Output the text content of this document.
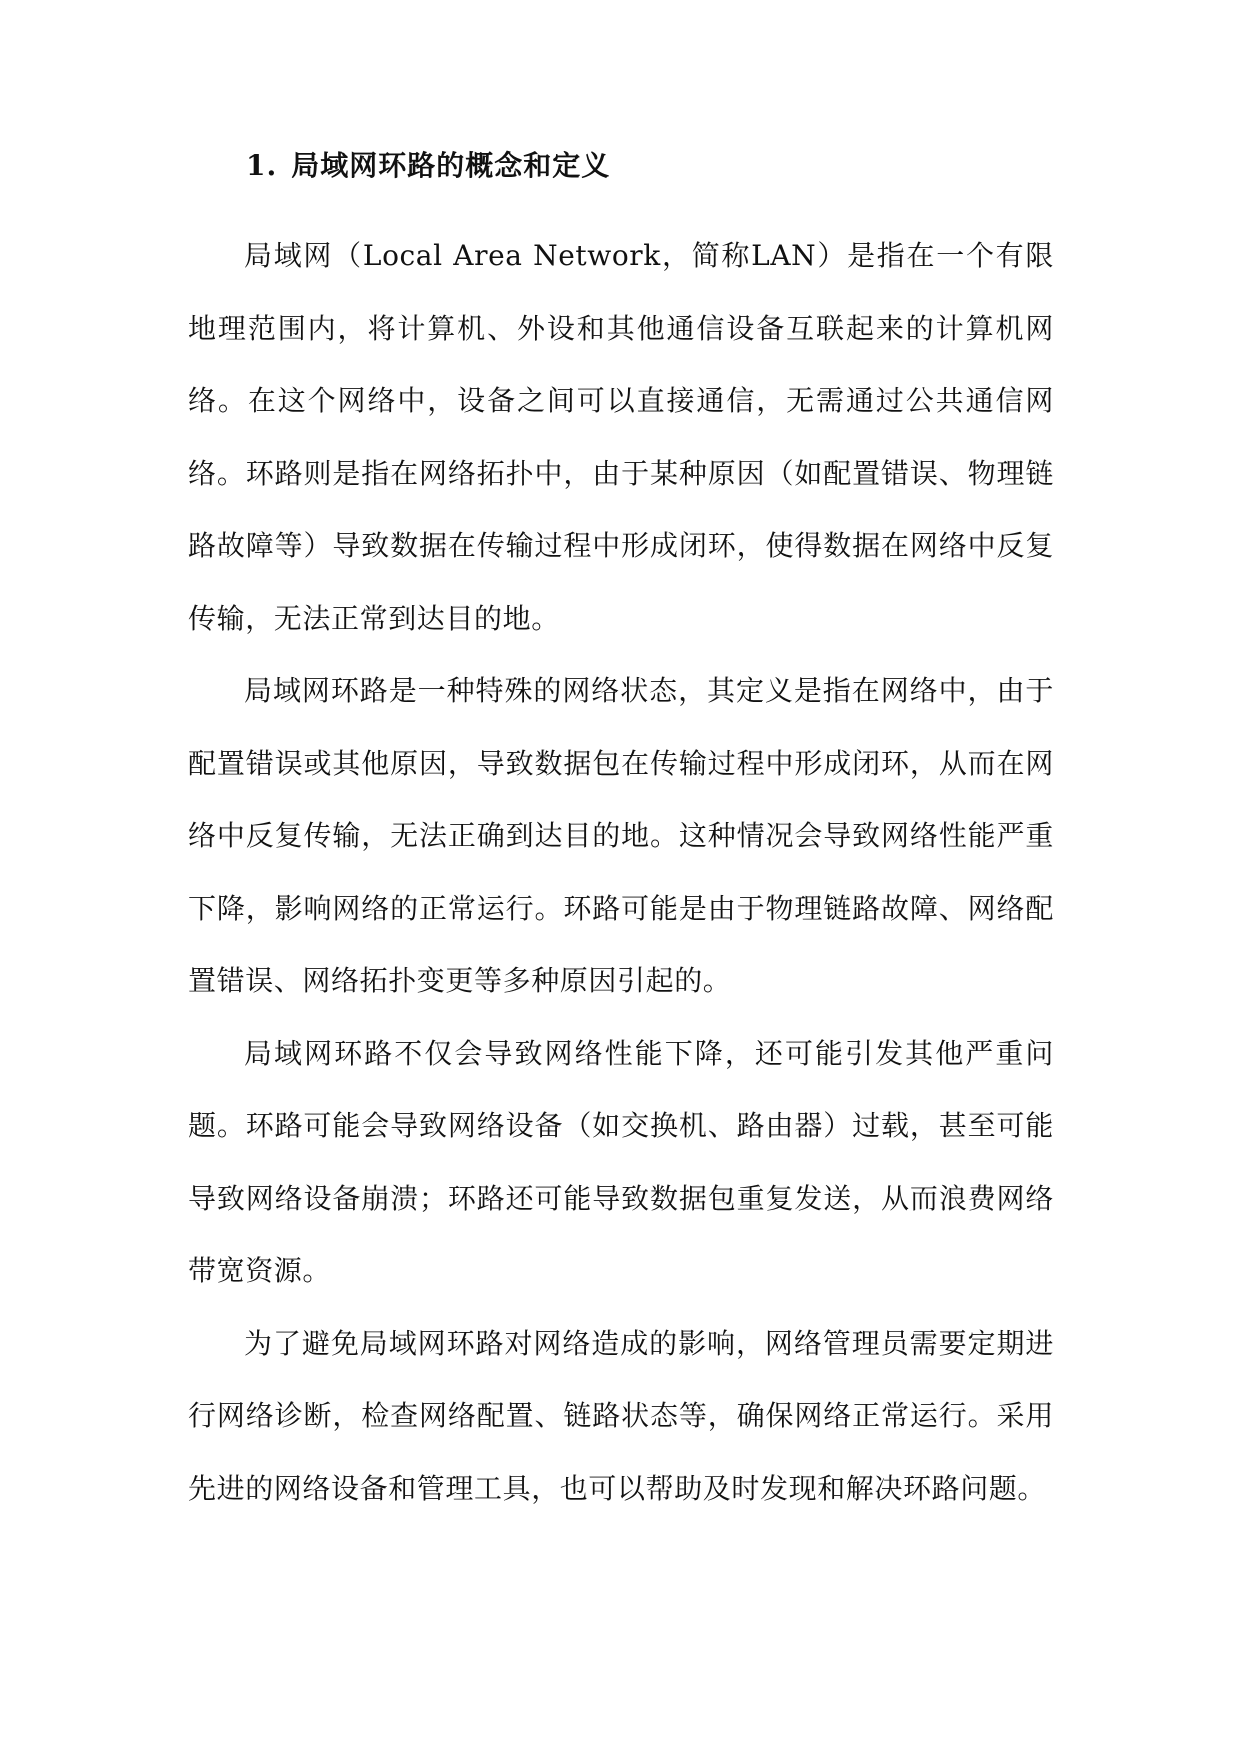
1. 局域网环路的概念和定义

局域网（Local Area Network，简称LAN）是指在一个有限地理范围内，将计算机、外设和其他通信设备互联起来的计算机网络。在这个网络中，设备之间可以直接通信，无需通过公共通信网络。环路则是指在网络拓扑中，由于某种原因（如配置错误、物理链路故障等）导致数据在传输过程中形成闭环，使得数据在网络中反复传输，无法正常到达目的地。

局域网环路是一种特殊的网络状态，其定义是指在网络中，由于配置错误或其他原因，导致数据包在传输过程中形成闭环，从而在网络中反复传输，无法正确到达目的地。这种情况会导致网络性能严重下降，影响网络的正常运行。环路可能是由于物理链路故障、网络配置错误、网络拓扑变更等多种原因引起的。

局域网环路不仅会导致网络性能下降，还可能引发其他严重问题。环路可能会导致网络设备（如交换机、路由器）过载，甚至可能导致网络设备崩溃；环路还可能导致数据包重复发送，从而浪费网络带宽资源。

为了避免局域网环路对网络造成的影响，网络管理员需要定期进行网络诊断，检查网络配置、链路状态等，确保网络正常运行。采用先进的网络设备和管理工具，也可以帮助及时发现和解决环路问题。
